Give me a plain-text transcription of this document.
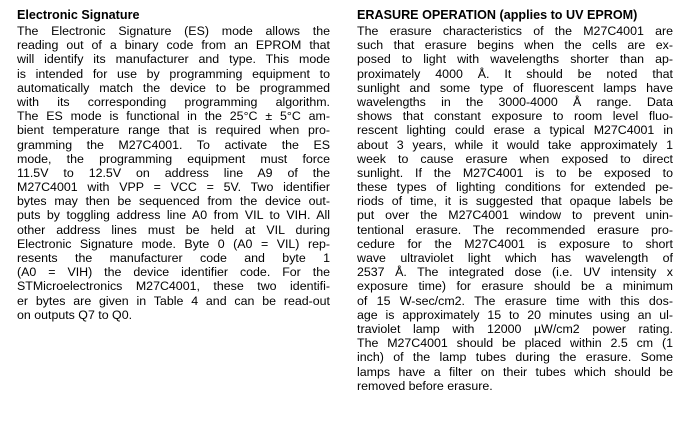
Electronic Signature
The Electronic Signature (ES) mode allows the
reading out of a binary code from an EPROM that
will identify its manufacturer and type. This mode
is intended for use by programming equipment to
automatically match the device to be programmed
with its corresponding programming algorithm.
The ES mode is functional in the 25°C ± 5°C am-
bient temperature range that is required when pro-
gramming the M27C4001. To activate the ES
mode, the programming equipment must force
11.5V to 12.5V on address line A9 of the
M27C4001 with VPP = VCC = 5V. Two identifier
bytes may then be sequenced from the device out-
puts by toggling address line A0 from VIL to VIH. All
other address lines must be held at VIL during
Electronic Signature mode. Byte 0 (A0 = VIL) rep-
resents the manufacturer code and byte 1
(A0 = VIH) the device identifier code. For the
STMicroelectronics M27C4001, these two identifi-
er bytes are given in Table 4 and can be read-out
on outputs Q7 to Q0.
ERASURE OPERATION (applies to UV EPROM)
The erasure characteristics of the M27C4001 are
such that erasure begins when the cells are ex-
posed to light with wavelengths shorter than ap-
proximately 4000 Å. It should be noted that
sunlight and some type of fluorescent lamps have
wavelengths in the 3000-4000 Å range. Data
shows that constant exposure to room level fluo-
rescent lighting could erase a typical M27C4001 in
about 3 years, while it would take approximately 1
week to cause erasure when exposed to direct
sunlight. If the M27C4001 is to be exposed to
these types of lighting conditions for extended pe-
riods of time, it is suggested that opaque labels be
put over the M27C4001 window to prevent unin-
tentional erasure. The recommended erasure pro-
cedure for the M27C4001 is exposure to short
wave ultraviolet light which has wavelength of
2537 Å. The integrated dose (i.e. UV intensity x
exposure time) for erasure should be a minimum
of 15 W-sec/cm2. The erasure time with this dos-
age is approximately 15 to 20 minutes using an ul-
traviolet lamp with 12000 µW/cm2 power rating.
The M27C4001 should be placed within 2.5 cm (1
inch) of the lamp tubes during the erasure. Some
lamps have a filter on their tubes which should be
removed before erasure.
